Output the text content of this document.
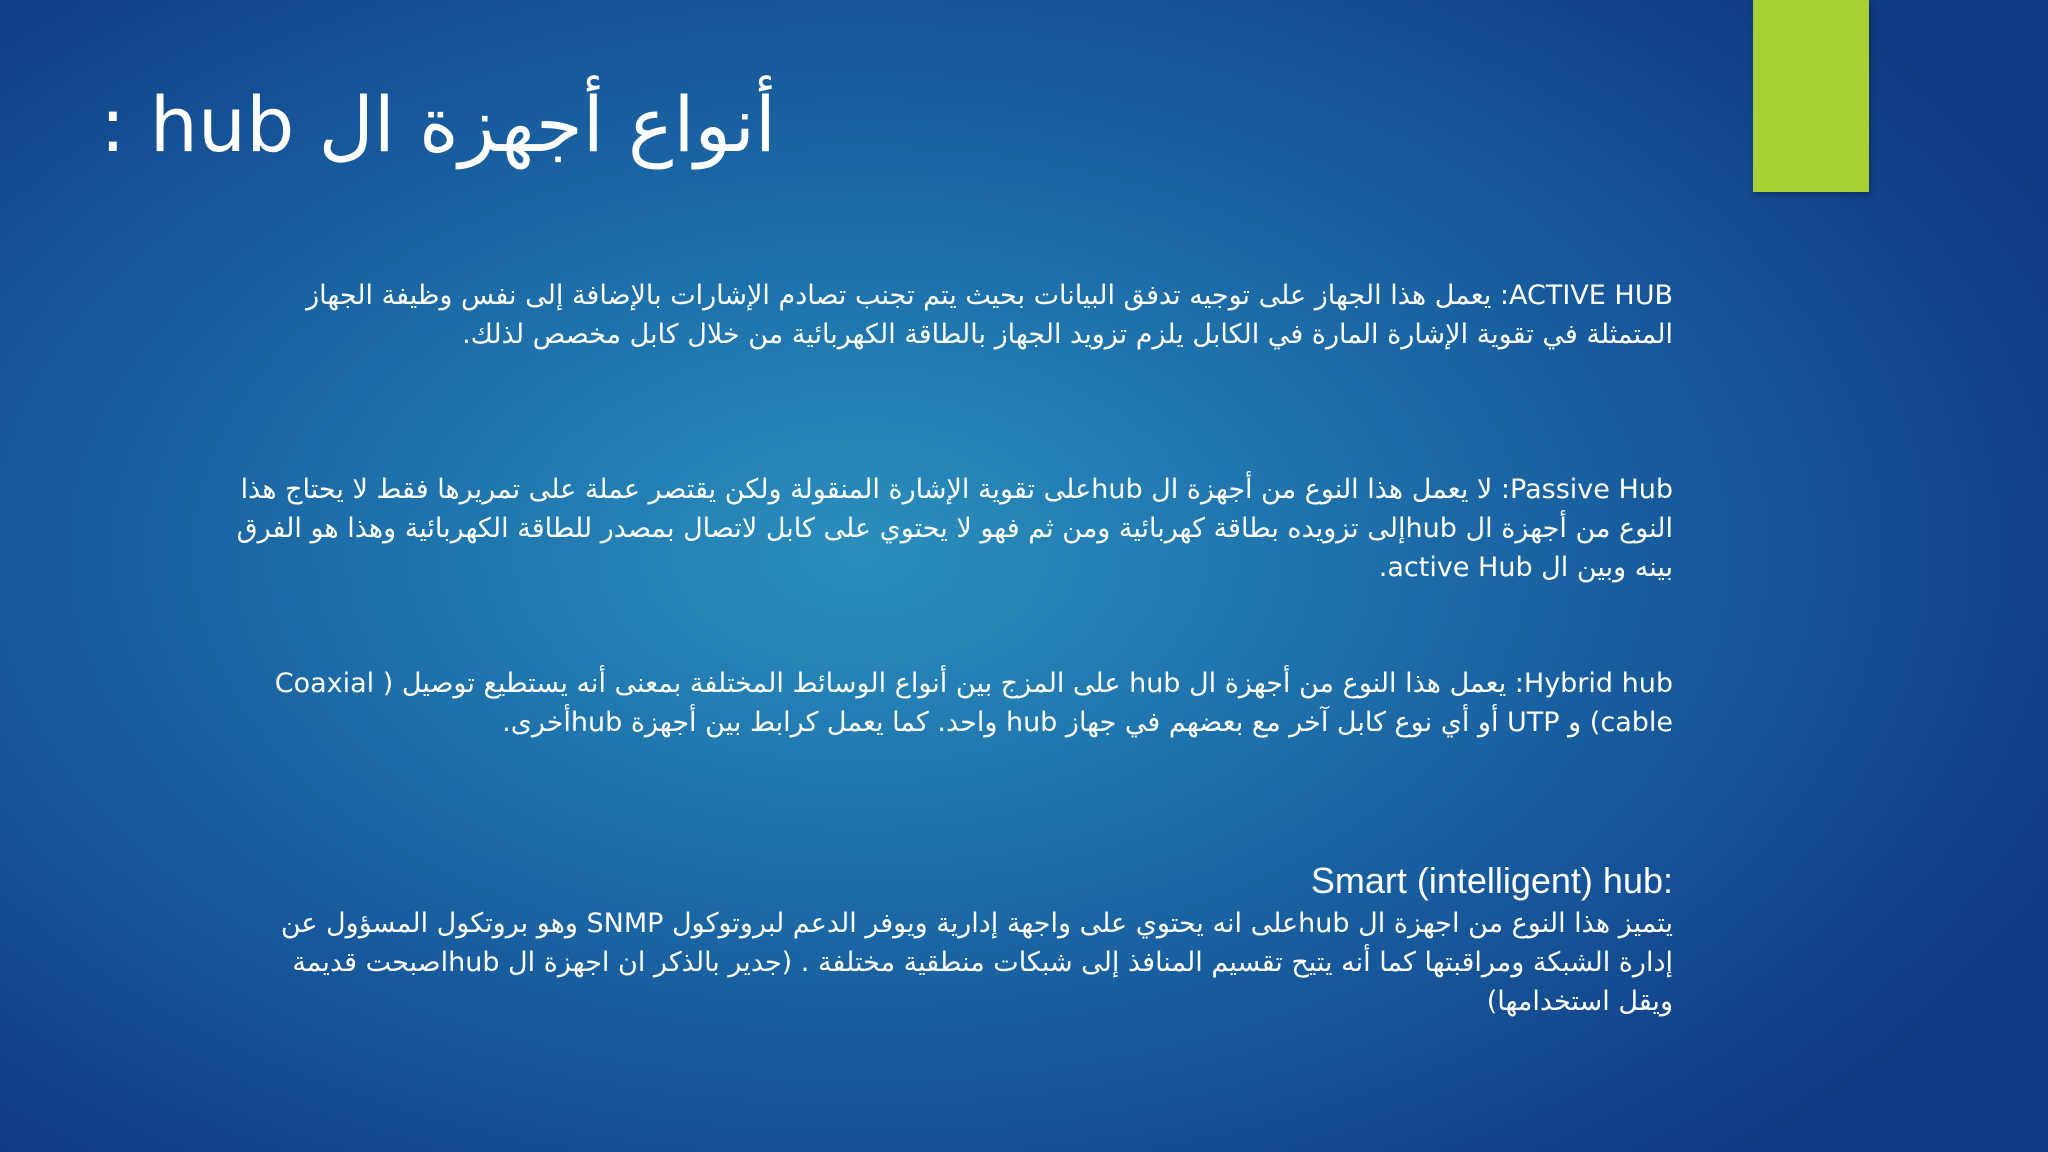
أنواع أجهزة ال hub :

ACTIVE HUB: يعمل هذا الجهاز على توجيه تدفق البيانات بحيث يتم تجنب تصادم الإشارات بالإضافة إلى نفس وظيفة الجهاز المتمثلة في تقوية الإشارة المارة في الكابل يلزم تزويد الجهاز بالطاقة الكهربائية من خلال كابل مخصص لذلك.

Passive Hub: لا يعمل هذا النوع من أجهزة ال hubعلى تقوية الإشارة المنقولة ولكن يقتصر عملة على تمريرها فقط لا يحتاج هذا النوع من أجهزة ال hubإلى تزويده بطاقة كهربائية ومن ثم فهو لا يحتوي على كابل لاتصال بمصدر للطاقة الكهربائية وهذا هو الفرق بينه وبين ال active Hub.

Hybrid hub: يعمل هذا النوع من أجهزة ال hub على المزج بين أنواع الوسائط المختلفة بمعنى أنه يستطيع توصيل ( Coaxial cable) و UTP أو أي نوع كابل آخر مع بعضهم في جهاز hub واحد. كما يعمل كرابط بين أجهزة hubأخرى.

Smart (intelligent) hub:
يتميز هذا النوع من اجهزة ال hubعلى انه يحتوي على واجهة إدارية ويوفر الدعم لبروتوكول SNMP وهو بروتكول المسؤول عن إدارة الشبكة ومراقبتها كما أنه يتيح تقسيم المنافذ إلى شبكات منطقية مختلفة . (جدير بالذكر ان اجهزة ال hubاصبحت قديمة ويقل استخدامها)
